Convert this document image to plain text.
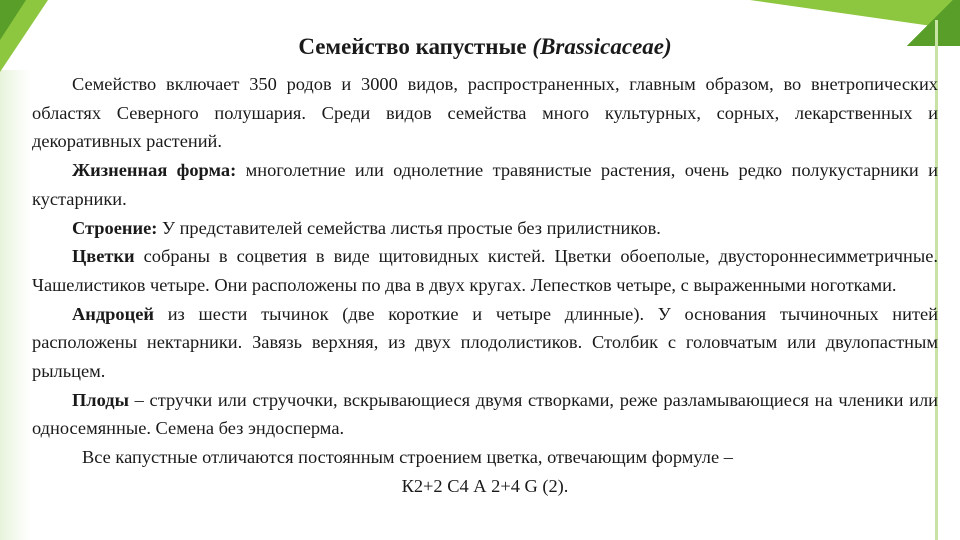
Семейство капустные (Brassicaceae)

Семейство включает 350 родов и 3000 видов, распространенных, главным образом, во внетропических областях Северного полушария. Среди видов семейства много культурных, сорных, лекарственных и декоративных растений.

Жизненная форма: многолетние или однолетние травянистые растения, очень редко полукустарники и кустарники.

Строение: У представителей семейства листья простые без прилистников.

Цветки собраны в соцветия в виде щитовидных кистей. Цветки обоеполые, двустороннесимметричные. Чашелистиков четыре. Они расположены по два в двух кругах. Лепестков четыре, с выраженными ноготками.

Андроцей из шести тычинок (две короткие и четыре длинные). У основания тычиночных нитей расположены нектарники. Завязь верхняя, из двух плодолистиков. Столбик с головчатым или двулопастным рыльцем.

Плоды – стручки или стручочки, вскрывающиеся двумя створками, реже разламывающиеся на членики или односемянные. Семена без эндосперма.

Все капустные отличаются постоянным строением цветка, отвечающим формуле –

К2+2 С4 А 2+4 G (2).
